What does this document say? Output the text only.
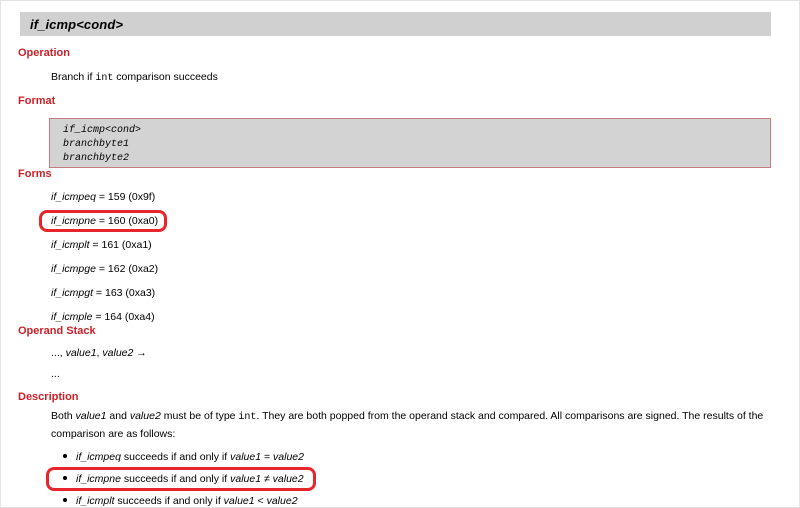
if_icmp<cond>
Operation
Branch if int comparison succeeds
Format
if_icmp<cond>
branchbyte1
branchbyte2
Forms
if_icmpeq = 159 (0x9f)
if_icmpne = 160 (0xa0)
if_icmplt = 161 (0xa1)
if_icmpge = 162 (0xa2)
if_icmpgt = 163 (0xa3)
if_icmple = 164 (0xa4)
Operand Stack
..., value1, value2 →
...
Description
Both value1 and value2 must be of type int. They are both popped from the operand stack and compared. All comparisons are signed. The results of the comparison are as follows:
if_icmpeq succeeds if and only if value1 = value2
if_icmpne succeeds if and only if value1 ≠ value2
if_icmplt succeeds if and only if value1 < value2
